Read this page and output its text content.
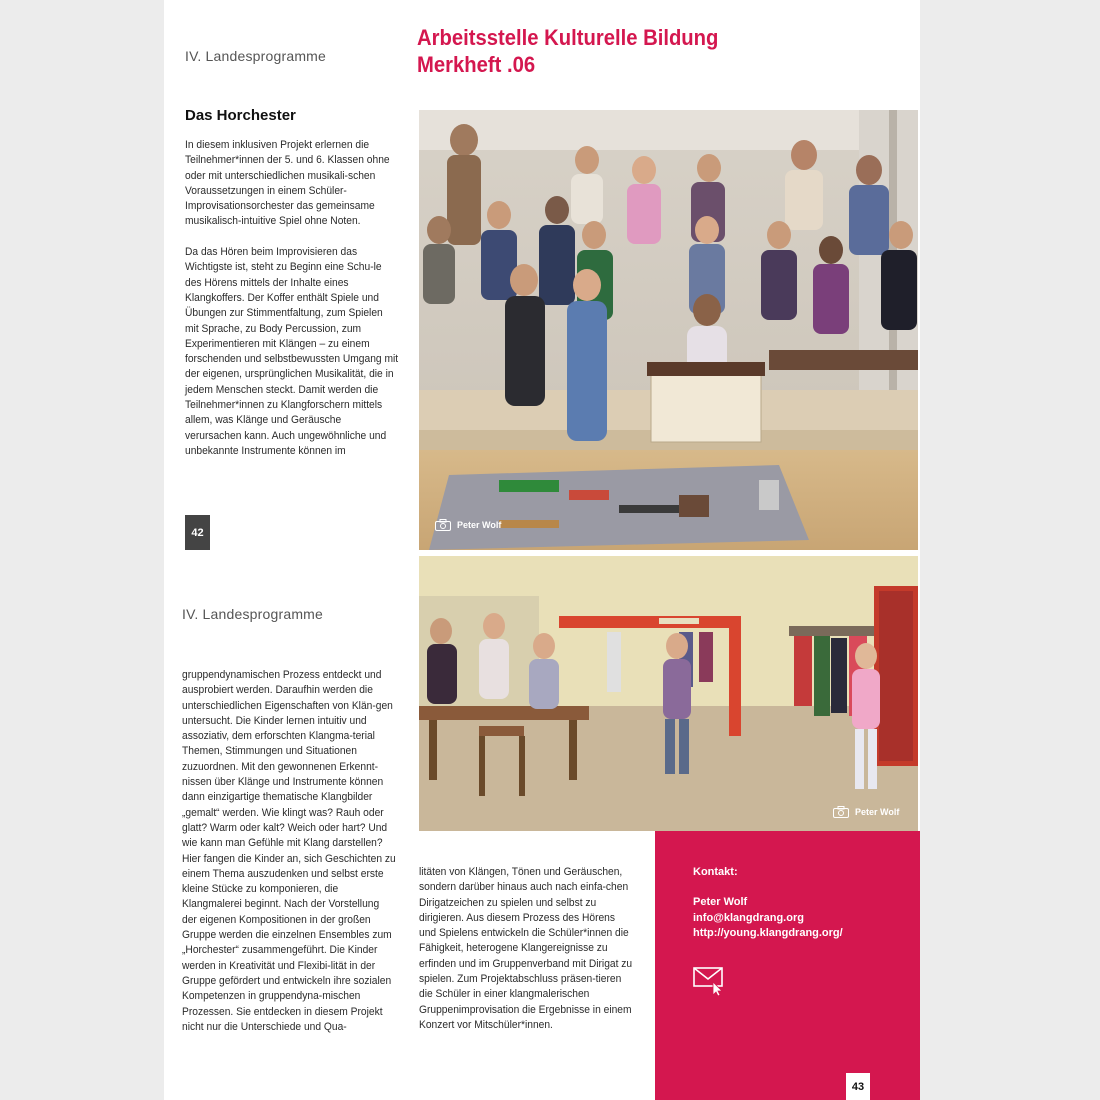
IV. Landesprogramme
Arbeitsstelle Kulturelle Bildung
Merkheft .06
Das Horchester

In diesem inklusiven Projekt erlernen die Teilnehmer*innen der 5. und 6. Klassen ohne oder mit unterschiedlichen musikali-schen Voraussetzungen in einem Schüler-Improvisationsorchester das gemeinsame musikalisch-intuitive Spiel ohne Noten.

Da das Hören beim Improvisieren das Wichtigste ist, steht zu Beginn eine Schu-le des Hörens mittels der Inhalte eines Klangkoffers. Der Koffer enthält Spiele und Übungen zur Stimmentfaltung, zum Spielen mit Sprache, zu Body Percussion, zum Experimentieren mit Klängen – zu einem forschenden und selbstbewussten Umgang mit der eigenen, ursprünglichen Musikalität, die in jedem Menschen steckt. Damit werden die Teilnehmer*innen zu Klangforschern mittels allem, was Klänge und Geräusche verursachen kann. Auch ungewöhnliche und unbekannte Instrumente können im

42
Peter Wolf
IV. Landesprogramme
Peter Wolf

gruppendynamischen Prozess entdeckt und ausprobiert werden. Daraufhin werden die unterschiedlichen Eigenschaften von Klän-gen untersucht. Die Kinder lernen intuitiv und assoziativ, dem erforschten Klangma-terial Themen, Stimmungen und Situationen zuzuordnen. Mit den gewonnenen Erkennt-nissen über Klänge und Instrumente können dann einzigartige thematische Klangbilder „gemalt“ werden. Wie klingt was? Rauh oder glatt? Warm oder kalt? Weich oder hart? Und wie kann man Gefühle mit Klang darstellen? Hier fangen die Kinder an, sich Geschichten zu einem Thema auszudenken und selbst erste kleine Stücke zu komponieren, die Klangmalerei beginnt. Nach der Vorstellung der eigenen Kompositionen in der großen Gruppe werden die einzelnen Ensembles zum „Horchester“ zusammengeführt. Die Kinder werden in Kreativität und Flexibi-lität in der Gruppe gefördert und entwickeln ihre sozialen Kompetenzen in gruppendyna-mischen Prozessen. Sie entdecken in diesem Projekt nicht nur die Unterschiede und Qua-

litäten von Klängen, Tönen und Geräuschen, sondern darüber hinaus auch nach einfa-chen Dirigatzeichen zu spielen und selbst zu dirigieren. Aus diesem Prozess des Hörens und Spielens entwickeln die Schüler*innen die Fähigkeit, heterogene Klangereignisse zu erfinden und im Gruppenverband mit Dirigat zu spielen. Zum Projektabschluss präsen-tieren die Schüler in einer klangmalerischen Gruppenimprovisation die Ergebnisse in einem Konzert vor Mitschüler*innen.

Kontakt:
Peter Wolf
info@klangdrang.org
http://young.klangdrang.org/
43
